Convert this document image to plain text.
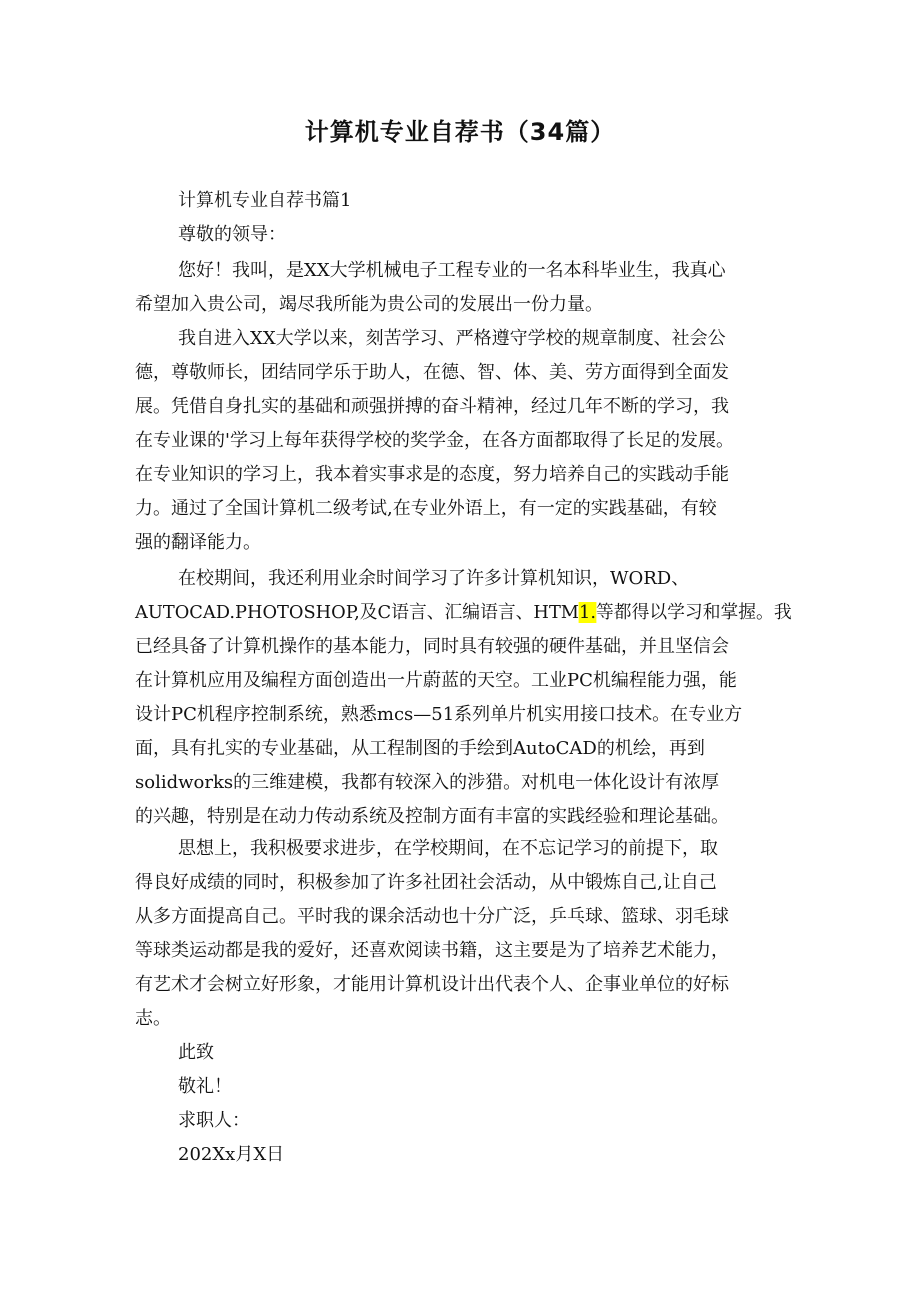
计算机专业自荐书（34篇）
计算机专业自荐书篇1
尊敬的领导：
您好！我叫，是XX大学机械电子工程专业的一名本科毕业生，我真心
希望加入贵公司，竭尽我所能为贵公司的发展出一份力量。
我自进入XX大学以来，刻苦学习、严格遵守学校的规章制度、社会公
德，尊敬师长，团结同学乐于助人，在德、智、体、美、劳方面得到全面发
展。凭借自身扎实的基础和顽强拼搏的奋斗精神，经过几年不断的学习，我
在专业课的'学习上每年获得学校的奖学金，在各方面都取得了长足的发展。
在专业知识的学习上，我本着实事求是的态度，努力培养自己的实践动手能
力。通过了全国计算机二级考试,在专业外语上，有一定的实践基础，有较
强的翻译能力。
在校期间，我还利用业余时间学习了许多计算机知识，WORD、
AUTOCAD.PHOTOSHOP,及C语言、汇编语言、HTM1.等都得以学习和掌握。我
已经具备了计算机操作的基本能力，同时具有较强的硬件基础，并且坚信会
在计算机应用及编程方面创造出一片蔚蓝的天空。工业PC机编程能力强，能
设计PC机程序控制系统，熟悉mcs—51系列单片机实用接口技术。在专业方
面，具有扎实的专业基础，从工程制图的手绘到AutoCAD的机绘，再到
solidworks的三维建模，我都有较深入的涉猎。对机电一体化设计有浓厚
的兴趣，特别是在动力传动系统及控制方面有丰富的实践经验和理论基础。
思想上，我积极要求进步，在学校期间，在不忘记学习的前提下，取
得良好成绩的同时，积极参加了许多社团社会活动，从中锻炼自己,让自己
从多方面提高自己。平时我的课余活动也十分广泛，乒乓球、篮球、羽毛球
等球类运动都是我的爱好，还喜欢阅读书籍，这主要是为了培养艺术能力，
有艺术才会树立好形象，才能用计算机设计出代表个人、企事业单位的好标
志。
此致
敬礼！
求职人：
202Xx月X日
